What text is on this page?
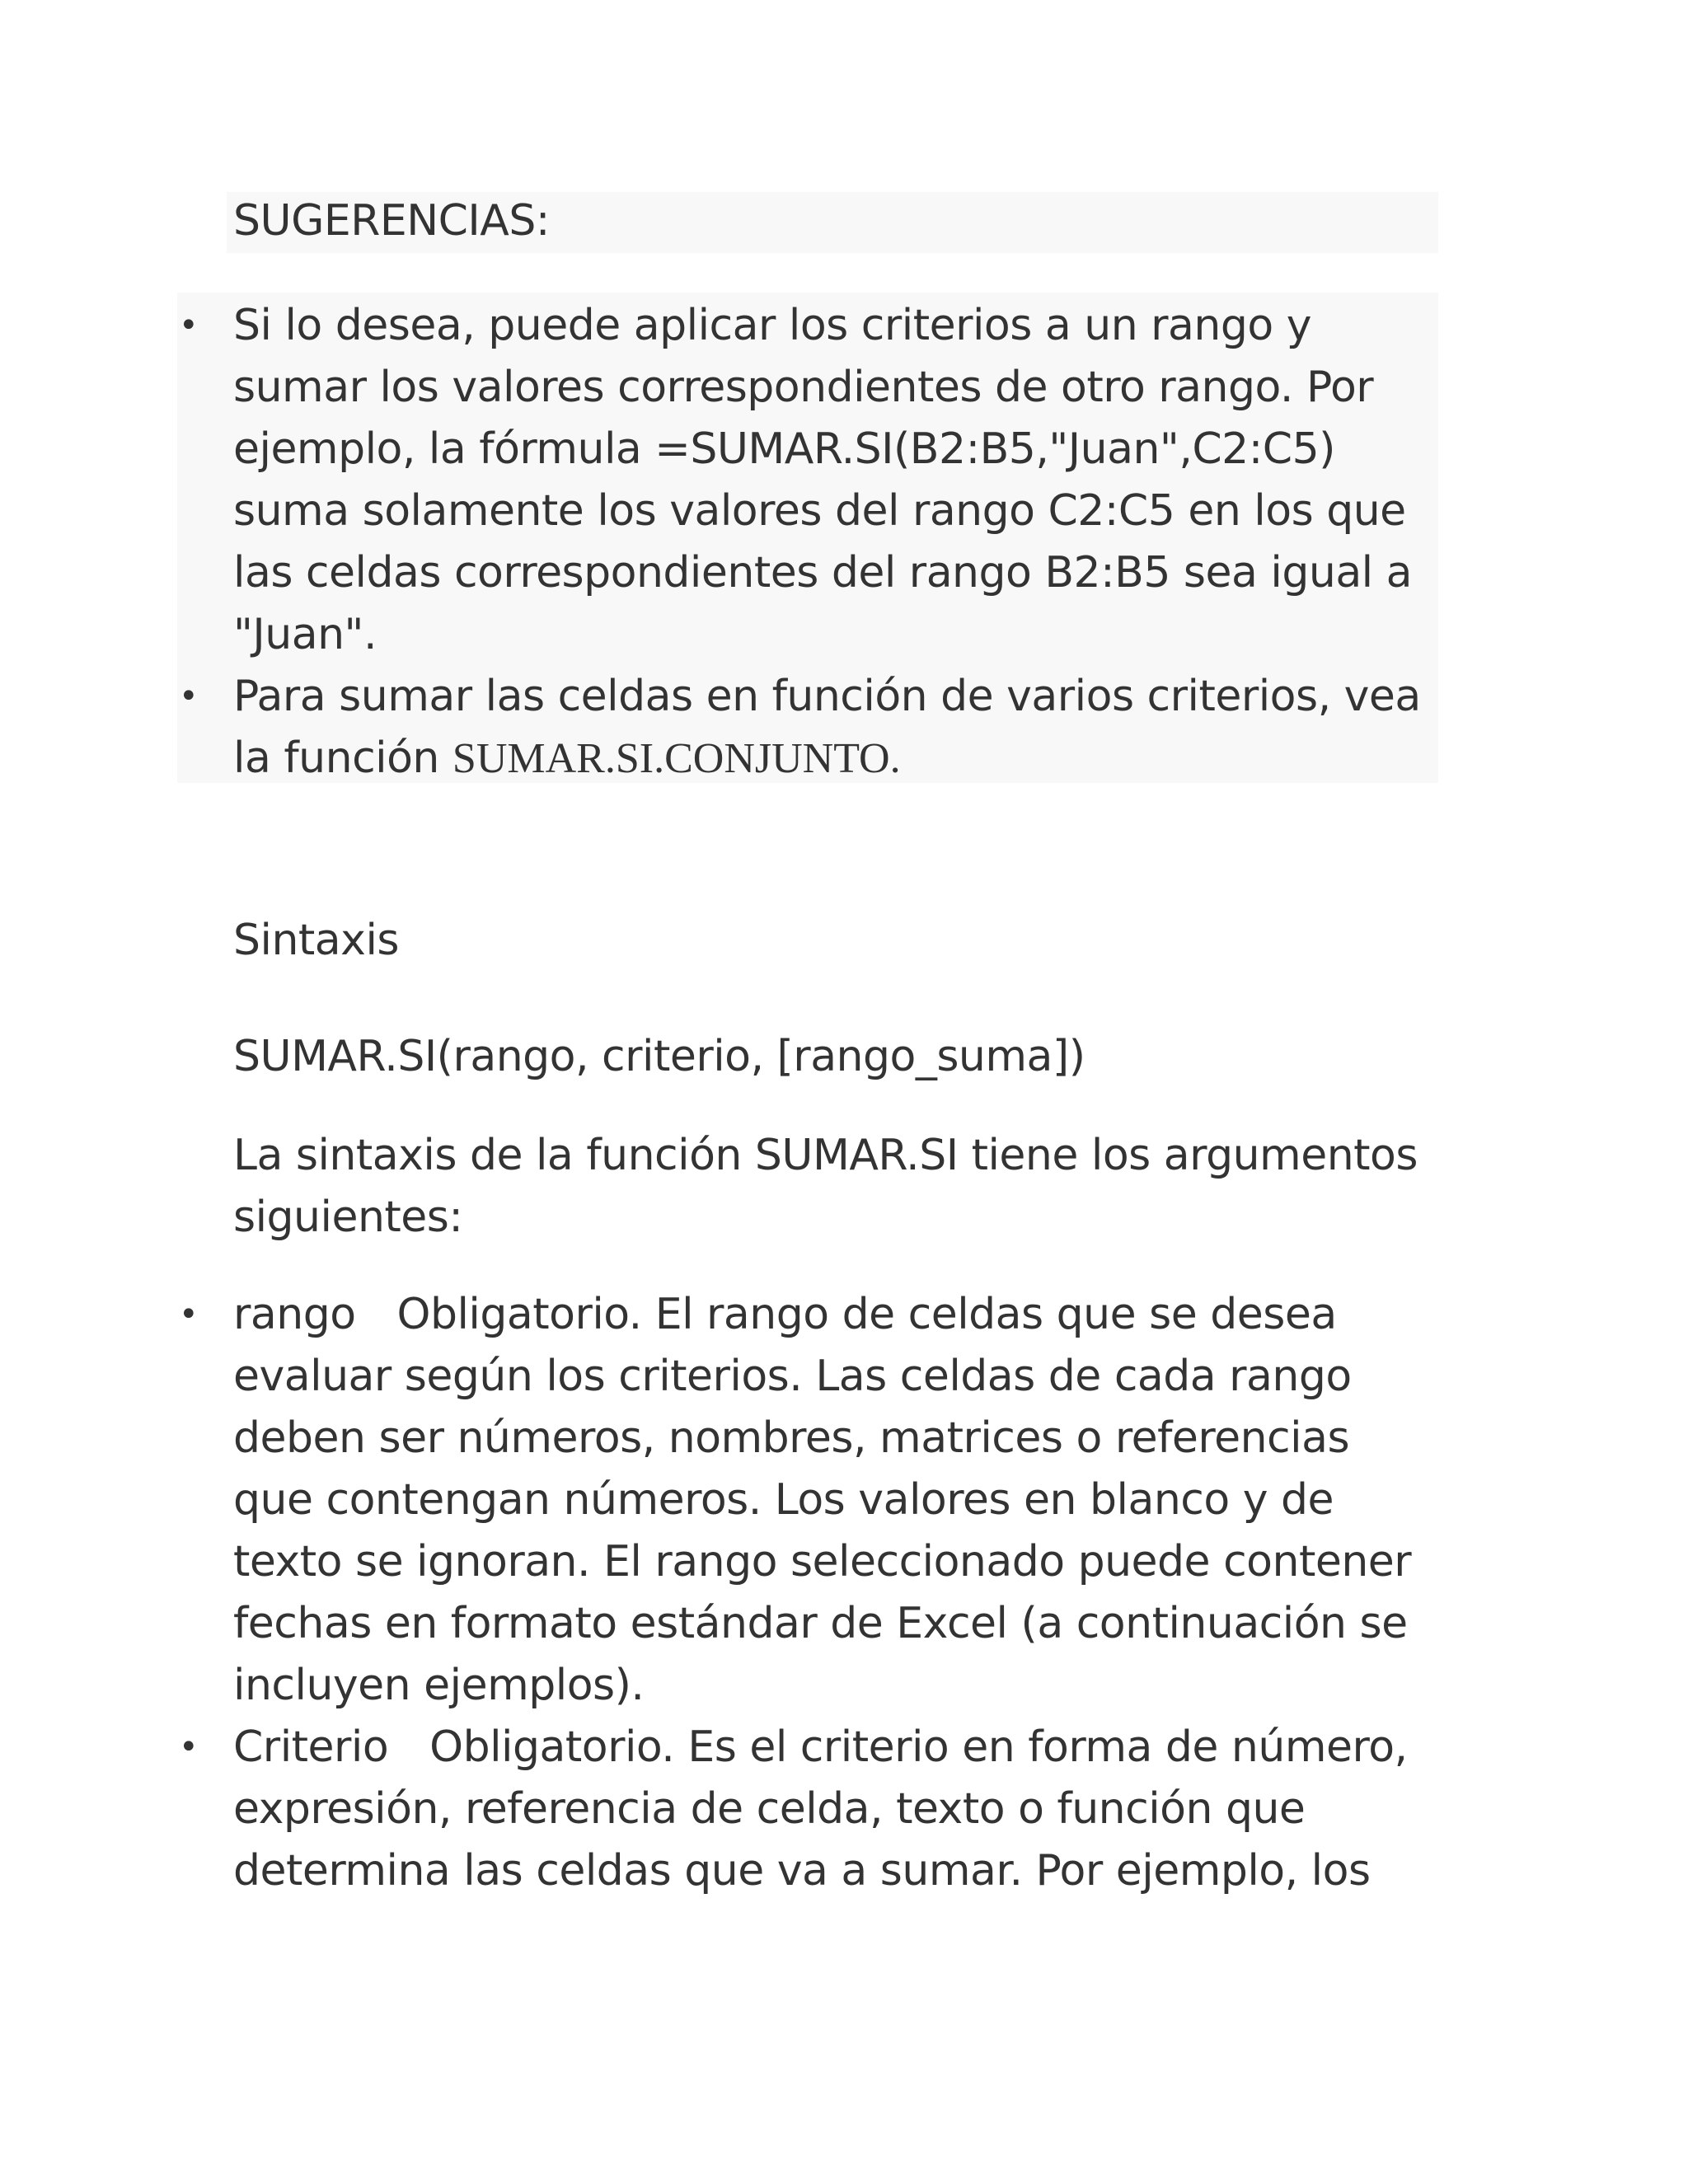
SUGERENCIAS:
• Si lo desea, puede aplicar los criterios a un rango y sumar los valores correspondientes de otro rango. Por ejemplo, la fórmula =SUMAR.SI(B2:B5,"Juan",C2:C5) suma solamente los valores del rango C2:C5 en los que las celdas correspondientes del rango B2:B5 sea igual a "Juan".
• Para sumar las celdas en función de varios criterios, vea la función SUMAR.SI.CONJUNTO.
Sintaxis
SUMAR.SI(rango, criterio, [rango_suma])
La sintaxis de la función SUMAR.SI tiene los argumentos siguientes:
• rango Obligatorio. El rango de celdas que se desea evaluar según los criterios. Las celdas de cada rango deben ser números, nombres, matrices o referencias que contengan números. Los valores en blanco y de texto se ignoran. El rango seleccionado puede contener fechas en formato estándar de Excel (a continuación se incluyen ejemplos).
• Criterio Obligatorio. Es el criterio en forma de número, expresión, referencia de celda, texto o función que determina las celdas que va a sumar. Por ejemplo, los
